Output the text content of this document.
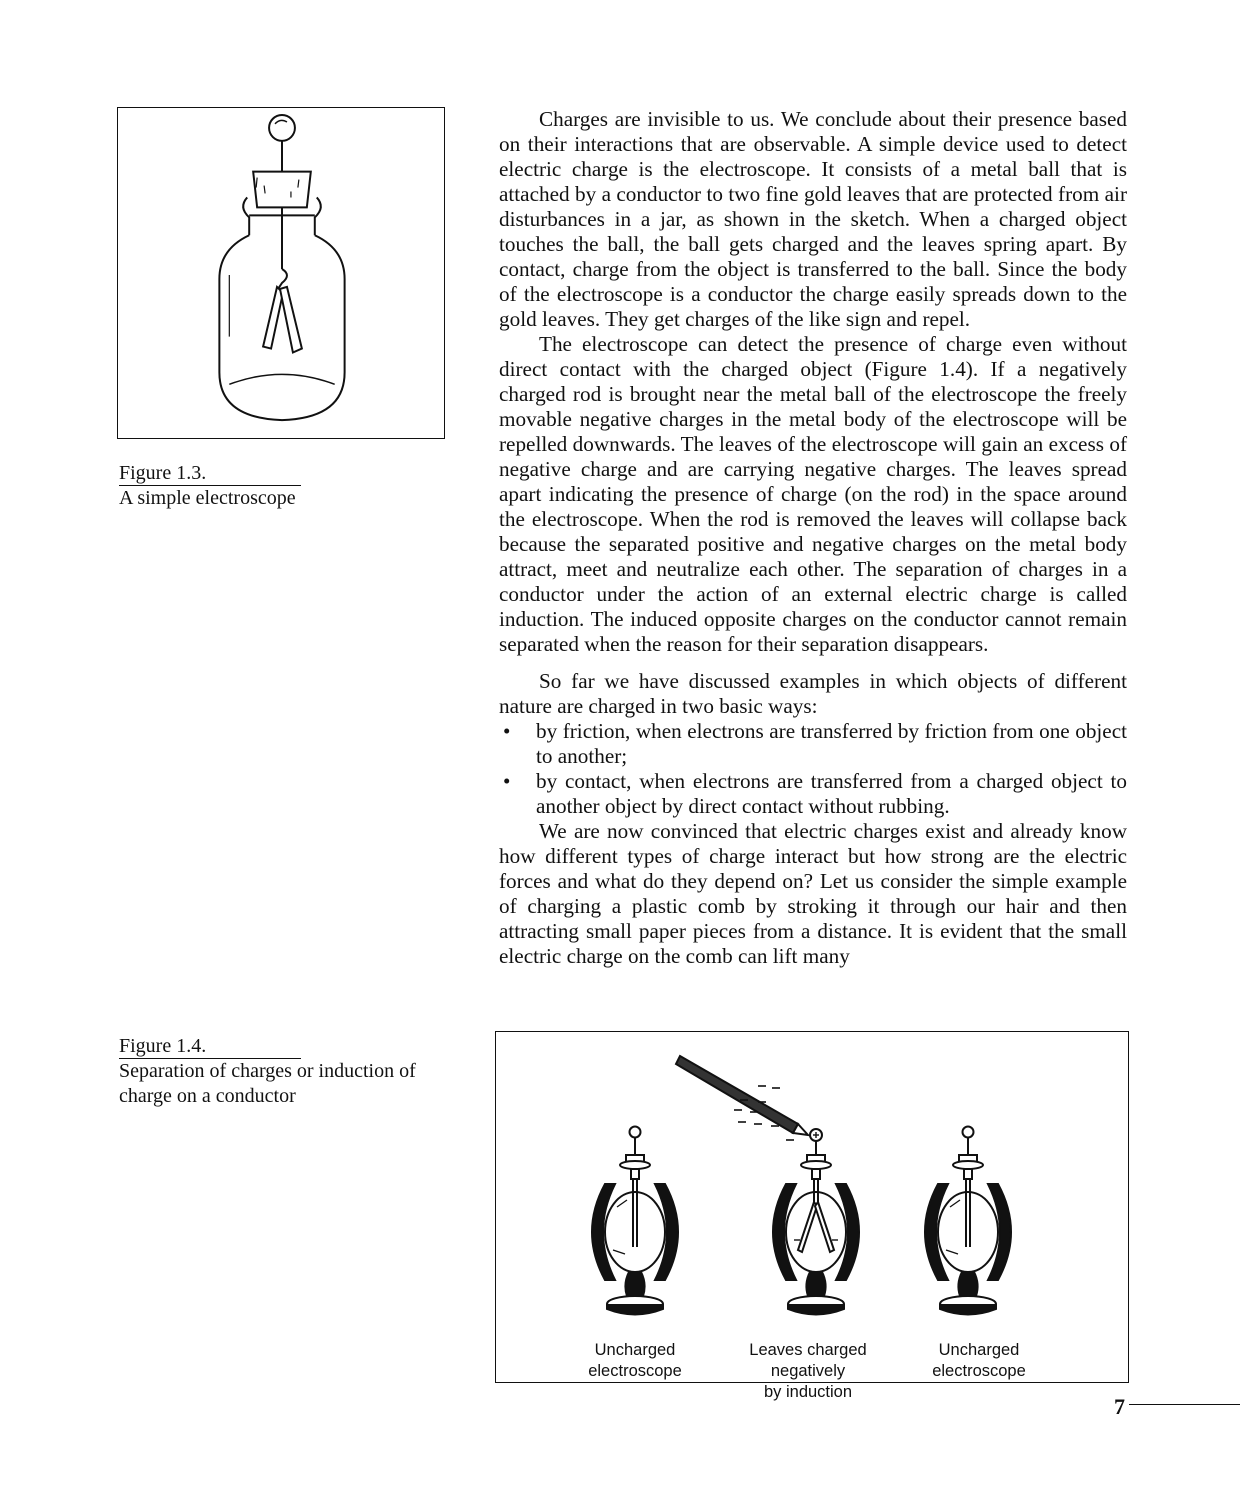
Figure 1.3.
A simple electroscope
Figure 1.4.
Separation of charges or induction of charge on a conductor

Charges are invisible to us. We conclude about their presence based on their interactions that are observable. A simple device used to detect electric charge is the electroscope. It consists of a metal ball that is attached by a conductor to two fine gold leaves that are protected from air disturbances in a jar, as shown in the sketch. When a charged object touches the ball, the ball gets charged and the leaves spring apart. By contact, charge from the object is transferred to the ball. Since the body of the electroscope is a conductor the charge easily spreads down to the gold leaves. They get charges of the like sign and repel.

The electroscope can detect the presence of charge even without direct contact with the charged object (Figure 1.4). If a negatively charged rod is brought near the metal ball of the electroscope the freely movable negative charges in the metal body of the electroscope will be repelled downwards. The leaves of the electroscope will gain an excess of negative charge and are carrying negative charges. The leaves spread apart indicating the presence of charge (on the rod) in the space around the electroscope. When the rod is removed the leaves will collapse back because the separated positive and negative charges on the metal body attract, meet and neutralize each other. The separation of charges in a conductor under the action of an external electric charge is called induction. The induced opposite charges on the conductor cannot remain separated when the reason for their separation disappears.

So far we have discussed examples in which objects of different nature are charged in two basic ways:

• by friction, when electrons are transferred by friction from one object to another;
• by contact, when electrons are transferred from a charged object to another object by direct contact without rubbing.

We are now convinced that electric charges exist and already know how different types of charge interact but how strong are the electric forces and what do they depend on? Let us consider the simple example of charging a plastic comb by stroking it through our hair and then attracting small paper pieces from a distance. It is evident that the small electric charge on the comb can lift many

Uncharged
electroscope
Leaves charged
negatively
by induction
Uncharged
electroscope
7
